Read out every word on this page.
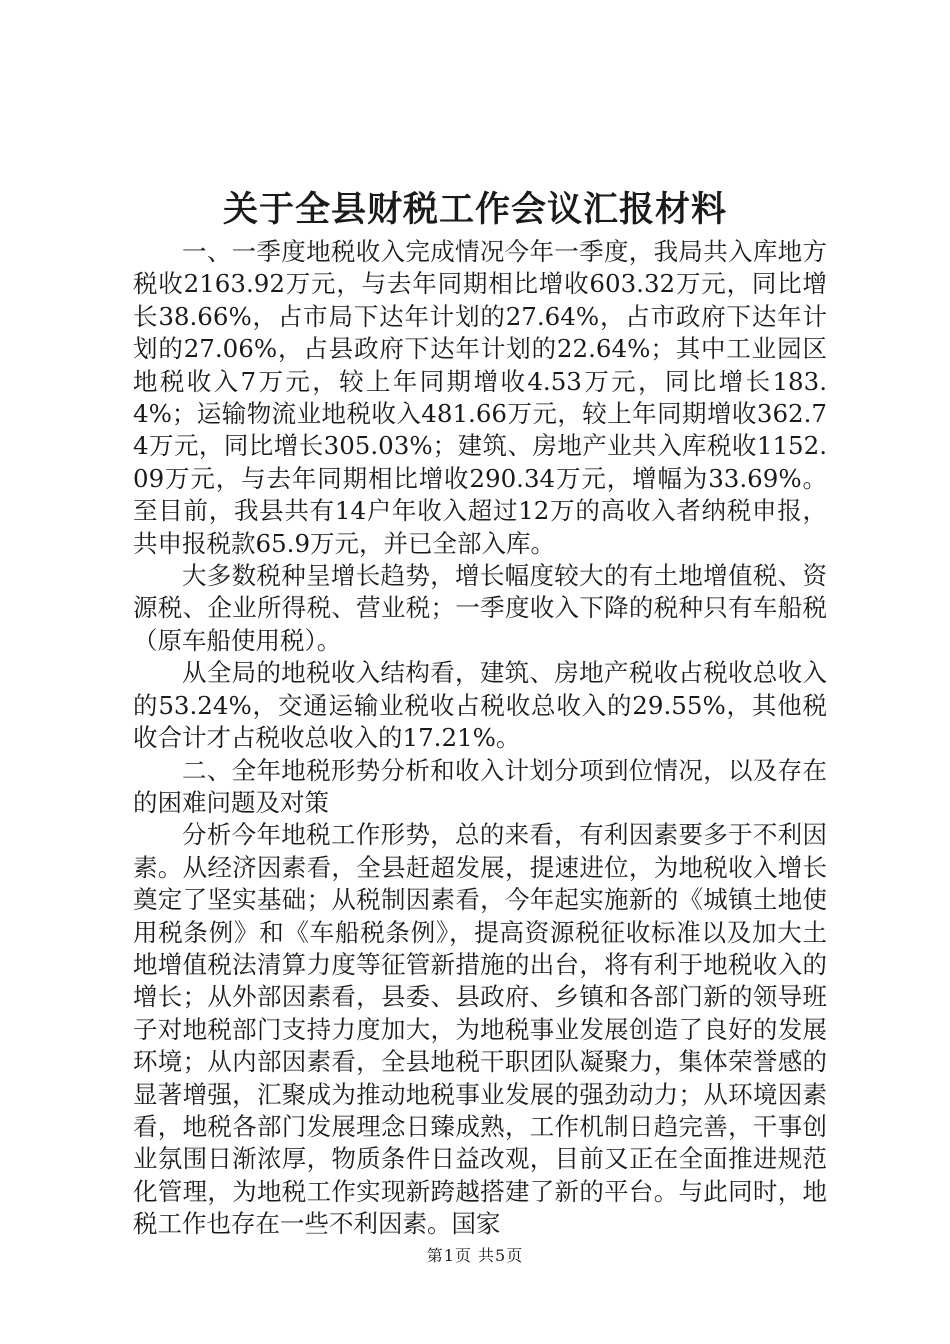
关于全县财税工作会议汇报材料

一、一季度地税收入完成情况今年一季度，我局共入库地方税收2163.92万元，与去年同期相比增收603.32万元，同比增长38.66%，占市局下达年计划的27.64%，占市政府下达年计划的27.06%，占县政府下达年计划的22.64%；其中工业园区地税收入7万元，较上年同期增收4.53万元，同比增长183.4%；运输物流业地税收入481.66万元，较上年同期增收362.74万元，同比增长305.03%；建筑、房地产业共入库税收1152.09万元，与去年同期相比增收290.34万元，增幅为33.69%。至目前，我县共有14户年收入超过12万的高收入者纳税申报，共申报税款65.9万元，并已全部入库。

大多数税种呈增长趋势，增长幅度较大的有土地增值税、资源税、企业所得税、营业税；一季度收入下降的税种只有车船税（原车船使用税）。

从全局的地税收入结构看，建筑、房地产税收占税收总收入的53.24%，交通运输业税收占税收总收入的29.55%，其他税收合计才占税收总收入的17.21%。

二、全年地税形势分析和收入计划分项到位情况，以及存在的困难问题及对策

分析今年地税工作形势，总的来看，有利因素要多于不利因素。从经济因素看，全县赶超发展，提速进位，为地税收入增长奠定了坚实基础；从税制因素看，今年起实施新的《城镇土地使用税条例》和《车船税条例》，提高资源税征收标准以及加大土地增值税法清算力度等征管新措施的出台，将有利于地税收入的增长；从外部因素看，县委、县政府、乡镇和各部门新的领导班子对地税部门支持力度加大，为地税事业发展创造了良好的发展环境；从内部因素看，全县地税干职团队凝聚力，集体荣誉感的显著增强，汇聚成为推动地税事业发展的强劲动力；从环境因素看，地税各部门发展理念日臻成熟，工作机制日趋完善，干事创业氛围日渐浓厚，物质条件日益改观，目前又正在全面推进规范化管理，为地税工作实现新跨越搭建了新的平台。与此同时，地税工作也存在一些不利因素。国家

第1页 共5页
